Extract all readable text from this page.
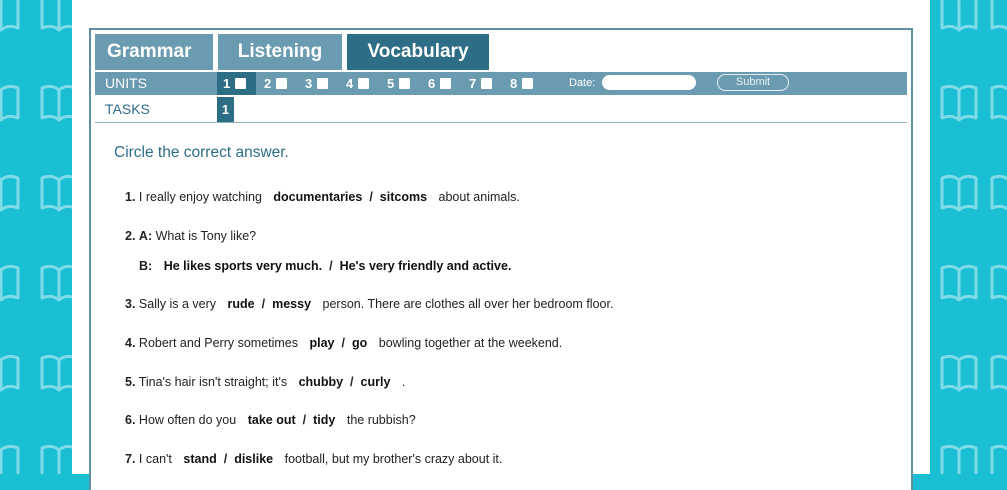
Grammar	Listening	Vocabulary
UNITS	1	2	3	4	5	6	7	8	Date:	Submit
TASKS	1
Circle the correct answer.
1. I really enjoy watching documentaries / sitcoms about animals.
2. A: What is Tony like?
B: He likes sports very much. / He's very friendly and active.
3. Sally is a very rude / messy person. There are clothes all over her bedroom floor.
4. Robert and Perry sometimes play / go bowling together at the weekend.
5. Tina's hair isn't straight; it's chubby / curly .
6. How often do you take out / tidy the rubbish?
7. I can't stand / dislike football, but my brother's crazy about it.
